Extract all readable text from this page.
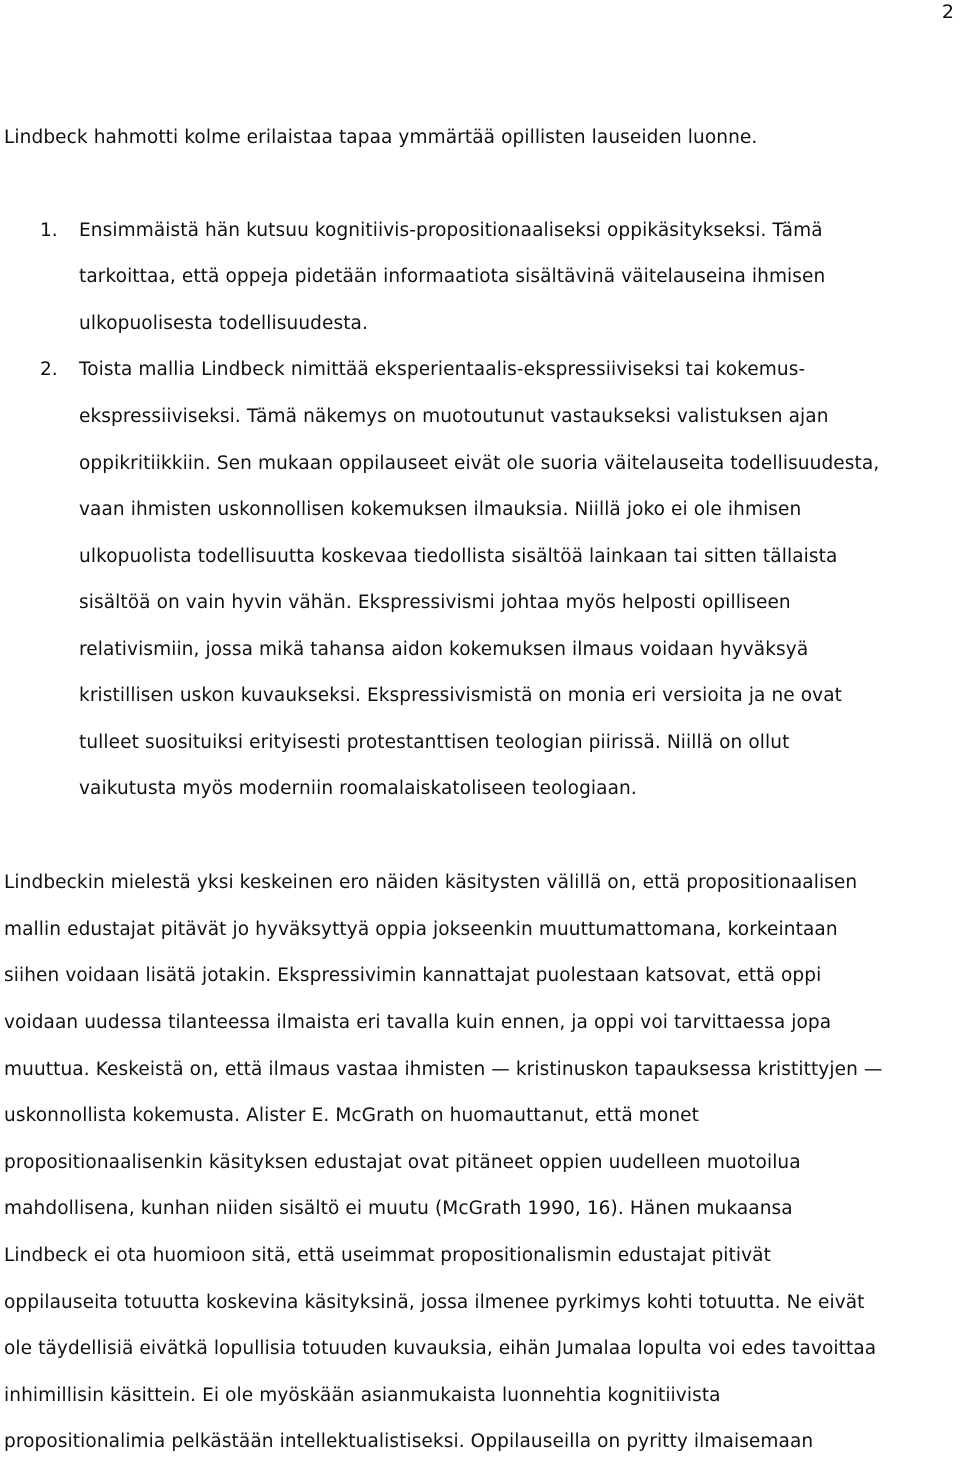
2
Lindbeck hahmotti kolme erilaistaa tapaa ymmärtää opillisten lauseiden luonne.
1. Ensimmäistä hän kutsuu kognitiivis-propositionaaliseksi oppikäsitykseksi. Tämä
tarkoittaa, että oppeja pidetään informaatiota sisältävinä väitelauseina ihmisen
ulkopuolisesta todellisuudesta.
2. Toista mallia Lindbeck nimittää eksperientaalis-ekspressiiviseksi tai kokemus-
ekspressiiviseksi. Tämä näkemys on muotoutunut vastaukseksi valistuksen ajan
oppikritiikkiin. Sen mukaan oppilauseet eivät ole suoria väitelauseita todellisuudesta,
vaan ihmisten uskonnollisen kokemuksen ilmauksia. Niillä joko ei ole ihmisen
ulkopuolista todellisuutta koskevaa tiedollista sisältöä lainkaan tai sitten tällaista
sisältöä on vain hyvin vähän. Ekspressivismi johtaa myös helposti opilliseen
relativismiin, jossa mikä tahansa aidon kokemuksen ilmaus voidaan hyväksyä
kristillisen uskon kuvaukseksi. Ekspressivismistä on monia eri versioita ja ne ovat
tulleet suosituiksi erityisesti protestanttisen teologian piirissä. Niillä on ollut
vaikutusta myös moderniin roomalaiskatoliseen teologiaan.
Lindbeckin mielestä yksi keskeinen ero näiden käsitysten välillä on, että propositionaalisen
mallin edustajat pitävät jo hyväksyttyä oppia jokseenkin muuttumattomana, korkeintaan
siihen voidaan lisätä jotakin. Ekspressivimin kannattajat puolestaan katsovat, että oppi
voidaan uudessa tilanteessa ilmaista eri tavalla kuin ennen, ja oppi voi tarvittaessa jopa
muuttua. Keskeistä on, että ilmaus vastaa ihmisten — kristinuskon tapauksessa kristittyjen —
uskonnollista kokemusta. Alister E. McGrath on huomauttanut, että monet
propositionaalisenkin käsityksen edustajat ovat pitäneet oppien uudelleen muotoilua
mahdollisena, kunhan niiden sisältö ei muutu (McGrath 1990, 16). Hänen mukaansa
Lindbeck ei ota huomioon sitä, että useimmat propositionalismin edustajat pitivät
oppilauseita totuutta koskevina käsityksinä, jossa ilmenee pyrkimys kohti totuutta. Ne eivät
ole täydellisiä eivätkä lopullisia totuuden kuvauksia, eihän Jumalaa lopulta voi edes tavoittaa
inhimillisin käsittein. Ei ole myöskään asianmukaista luonnehtia kognitiivista
propositionalimia pelkästään intellektualistiseksi. Oppilauseilla on pyritty ilmaisemaan
